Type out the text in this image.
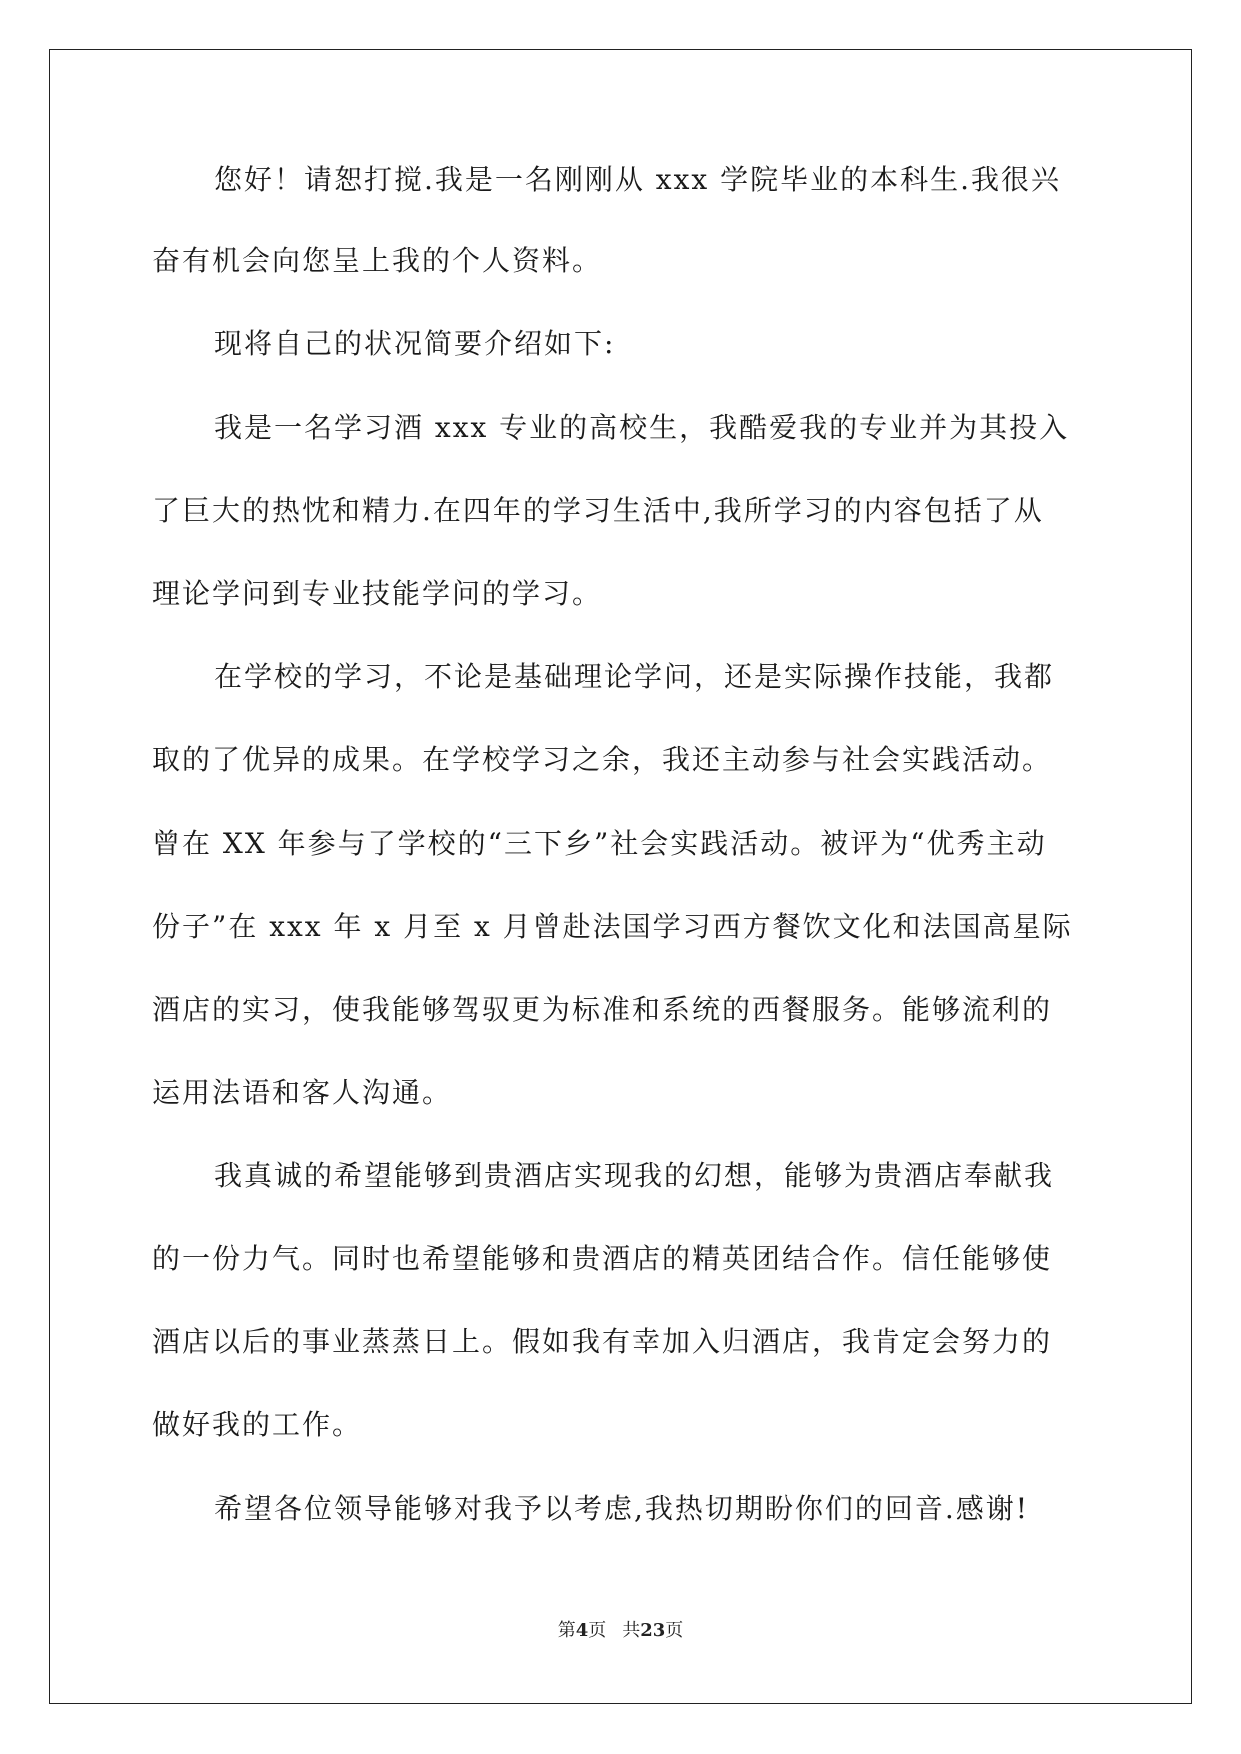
您好！请恕打搅.我是一名刚刚从 xxx 学院毕业的本科生.我很兴
奋有机会向您呈上我的个人资料。
现将自己的状况简要介绍如下:
我是一名学习酒 xxx 专业的高校生，我酷爱我的专业并为其投入
了巨大的热忱和精力.在四年的学习生活中,我所学习的内容包括了从
理论学问到专业技能学问的学习。
在学校的学习，不论是基础理论学问，还是实际操作技能，我都
取的了优异的成果。在学校学习之余，我还主动参与社会实践活动。
曾在 XX 年参与了学校的“三下乡”社会实践活动。被评为“优秀主动
份子”在 xxx 年 x 月至 x 月曾赴法国学习西方餐饮文化和法国高星际
酒店的实习，使我能够驾驭更为标准和系统的西餐服务。能够流利的
运用法语和客人沟通。
我真诚的希望能够到贵酒店实现我的幻想，能够为贵酒店奉献我
的一份力气。同时也希望能够和贵酒店的精英团结合作。信任能够使
酒店以后的事业蒸蒸日上。假如我有幸加入归酒店，我肯定会努力的
做好我的工作。
希望各位领导能够对我予以考虑,我热切期盼你们的回音.感谢!
第4页 共23页
